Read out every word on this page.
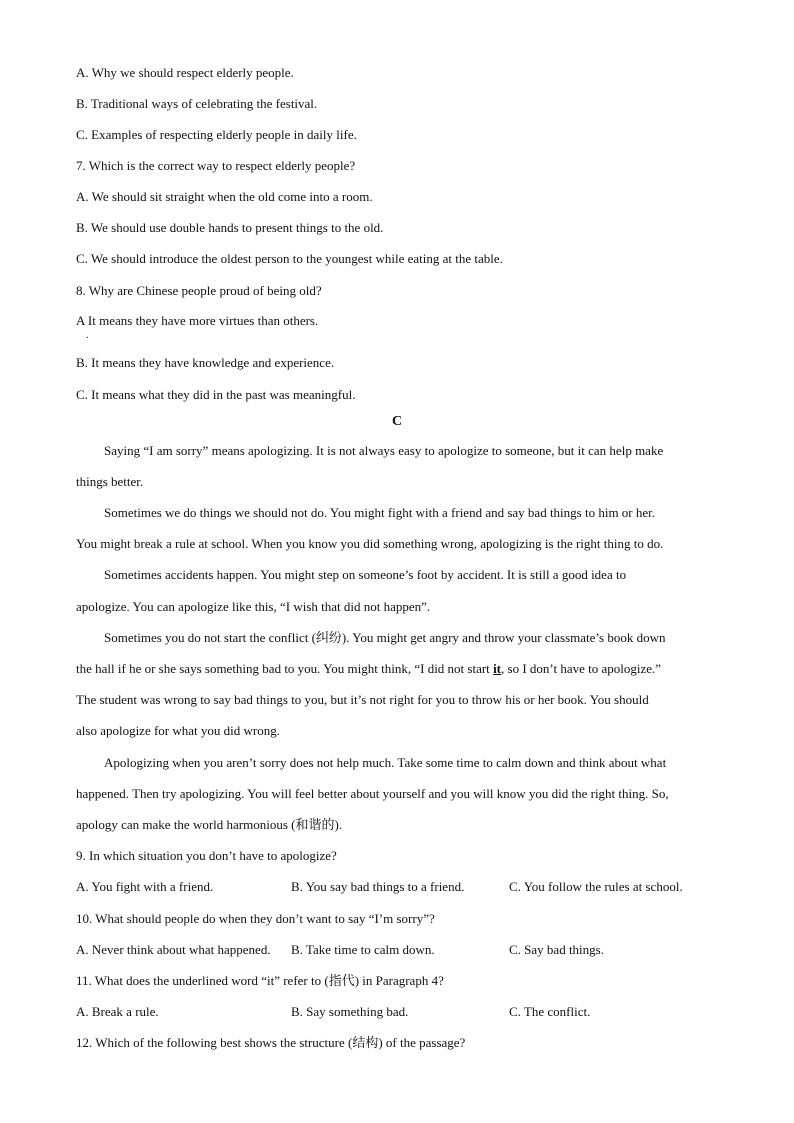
A. Why we should respect elderly people.
B. Traditional ways of celebrating the festival.
C. Examples of respecting elderly people in daily life.
7. Which is the correct way to respect elderly people?
A. We should sit straight when the old come into a room.
B. We should use double hands to present things to the old.
C. We should introduce the oldest person to the youngest while eating at the table.
8. Why are Chinese people proud of being old?
A It means they have more virtues than others.
.
B. It means they have knowledge and experience.
C. It means what they did in the past was meaningful.
C
Saying “I am sorry” means apologizing. It is not always easy to apologize to someone, but it can help make
things better.
Sometimes we do things we should not do. You might fight with a friend and say bad things to him or her.
You might break a rule at school. When you know you did something wrong, apologizing is the right thing to do.
Sometimes accidents happen. You might step on someone’s foot by accident. It is still a good idea to
apologize. You can apologize like this, “I wish that did not happen”.
Sometimes you do not start the conflict (纠纷). You might get angry and throw your classmate’s book down
the hall if he or she says something bad to you. You might think, “I did not start it, so I don’t have to apologize.”
The student was wrong to say bad things to you, but it’s not right for you to throw his or her book. You should
also apologize for what you did wrong.
Apologizing when you aren’t sorry does not help much. Take some time to calm down and think about what
happened. Then try apologizing. You will feel better about yourself and you will know you did the right thing. So,
apology can make the world harmonious (和谐的).
9. In which situation you don’t have to apologize?
A. You fight with a friend.	B. You say bad things to a friend.	C. You follow the rules at school.
10. What should people do when they don’t want to say “I’m sorry”?
A. Never think about what happened. B. Take time to calm down.	C. Say bad things.
11. What does the underlined word “it” refer to (指代) in Paragraph 4?
A. Break a rule.	B. Say something bad.	C. The conflict.
12. Which of the following best shows the structure (结构) of the passage?
